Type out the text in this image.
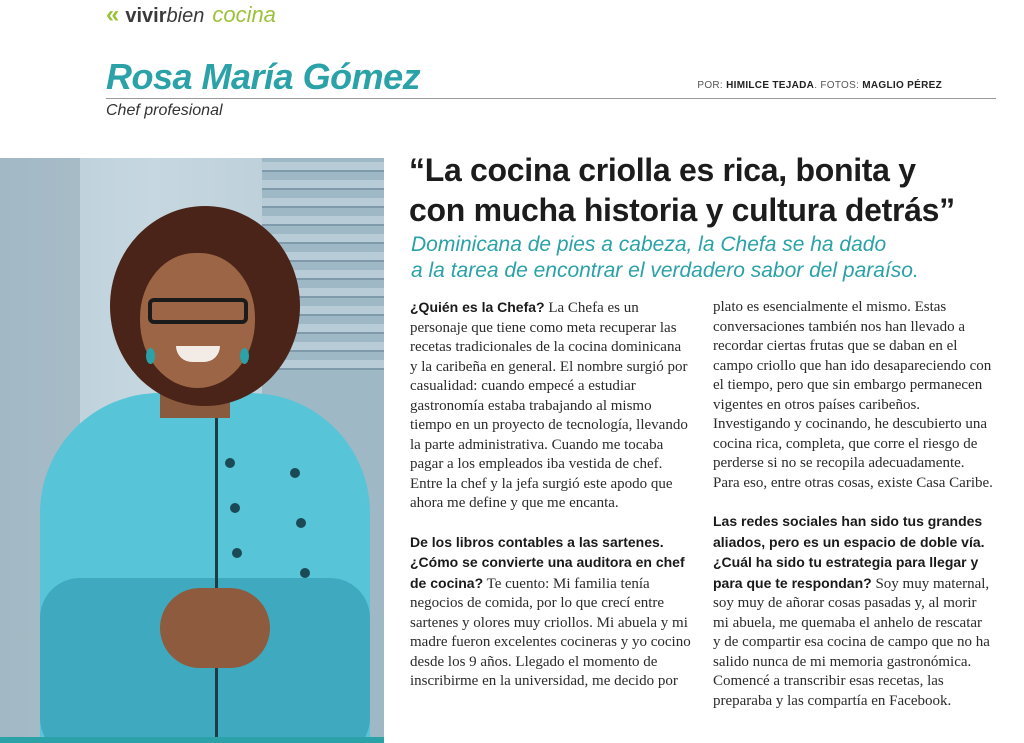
« vivir bien cocina
Rosa María Gómez	POR: HIMILCE TEJADA. FOTOS: MAGLIO PÉREZ
Chef profesional
“La cocina criolla es rica, bonita y
con mucha historia y cultura detrás”
Dominicana de pies a cabeza, la Chefa se ha dado
a la tarea de encontrar el verdadero sabor del paraíso.

¿Quién es la Chefa? La Chefa es un personaje que tiene como meta recuperar las recetas tradicionales de la cocina dominicana y la caribeña en general. El nombre surgió por casualidad: cuando empecé a estudiar gastronomía estaba trabajando al mismo tiempo en un proyecto de tecnología, llevando la parte administrativa. Cuando me tocaba pagar a los empleados iba vestida de chef. Entre la chef y la jefa surgió este apodo que ahora me define y que me encanta.

De los libros contables a las sartenes. ¿Cómo se convierte una auditora en chef de cocina? Te cuento: Mi familia tenía negocios de comida, por lo que crecí entre sartenes y olores muy criollos. Mi abuela y mi madre fueron excelentes cocineras y yo cocino desde los 9 años. Llegado el momento de inscribirme en la universidad, me decido por

plato es esencialmente el mismo. Estas conversaciones también nos han llevado a recordar ciertas frutas que se daban en el campo criollo que han ido desapareciendo con el tiempo, pero que sin embargo permanecen vigentes en otros países caribeños. Investigando y cocinando, he descubierto una cocina rica, completa, que corre el riesgo de perderse si no se recopila adecuadamente. Para eso, entre otras cosas, existe Casa Caribe.

Las redes sociales han sido tus grandes aliados, pero es un espacio de doble vía. ¿Cuál ha sido tu estrategia para llegar y para que te respondan? Soy muy maternal, soy muy de añorar cosas pasadas y, al morir mi abuela, me quemaba el anhelo de rescatar y de compartir esa cocina de campo que no ha salido nunca de mi memoria gastronómica. Comencé a transcribir esas recetas, las preparaba y las compartía en Facebook.
